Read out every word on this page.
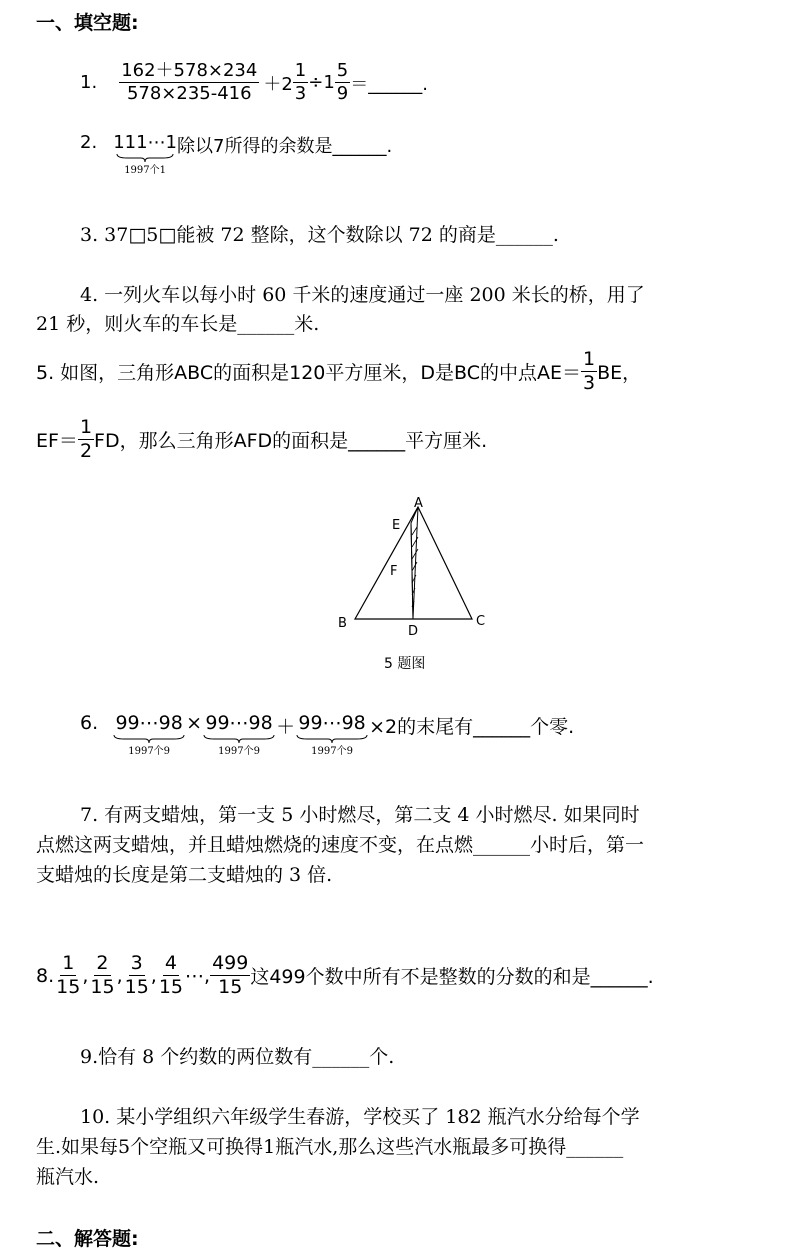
一、填空题:
1. $\frac{162+578\times 234}{578\times 235-416} +2 \frac{1}{3} \div 1 \frac{5}{9}$ ＝______.
2. 111⋯1
1997个1
除以7所得的余数是______.
3. 37□5□能被 72 整除，这个数除以 72 的商是______.
4. 一列火车以每小时 60 千米的速度通过一座 200 米长的桥，用了
21 秒，则火车的车长是______米.
5. 如图，三角形ABC的面积是120平方厘米，D是BC的中点$AE= \frac{1}{3}$ BE，
$EF= \frac{1}{2}$ FD，那么三角形AFD的面积是______平方厘米.
A
E
F
B	C
D
5 题图
6. 99⋯98
1997个9
× 99⋯98
1997个9
＋ 99⋯98
1997个9
×2的末尾有______个零.
7. 有两支蜡烛，第一支 5 小时燃尽，第二支 4 小时燃尽. 如果同时
点燃这两支蜡烛，并且蜡烛燃烧的速度不变，在点燃______小时后，第一
支蜡烛的长度是第二支蜡烛的 3 倍.
8. $\frac{1}{15}$ , $\frac{2}{15}$ , $\frac{3}{15}$ , $\frac{4}{15}$ ⋯, $\frac{499}{15}$ 这499个数中所有不是整数的分数的和是______.
9.恰有 8 个约数的两位数有______个.
10. 某小学组织六年级学生春游，学校买了 182 瓶汽水分给每个学
生.如果每5个空瓶又可换得1瓶汽水,那么这些汽水瓶最多可换得______
瓶汽水.
二、解答题:
